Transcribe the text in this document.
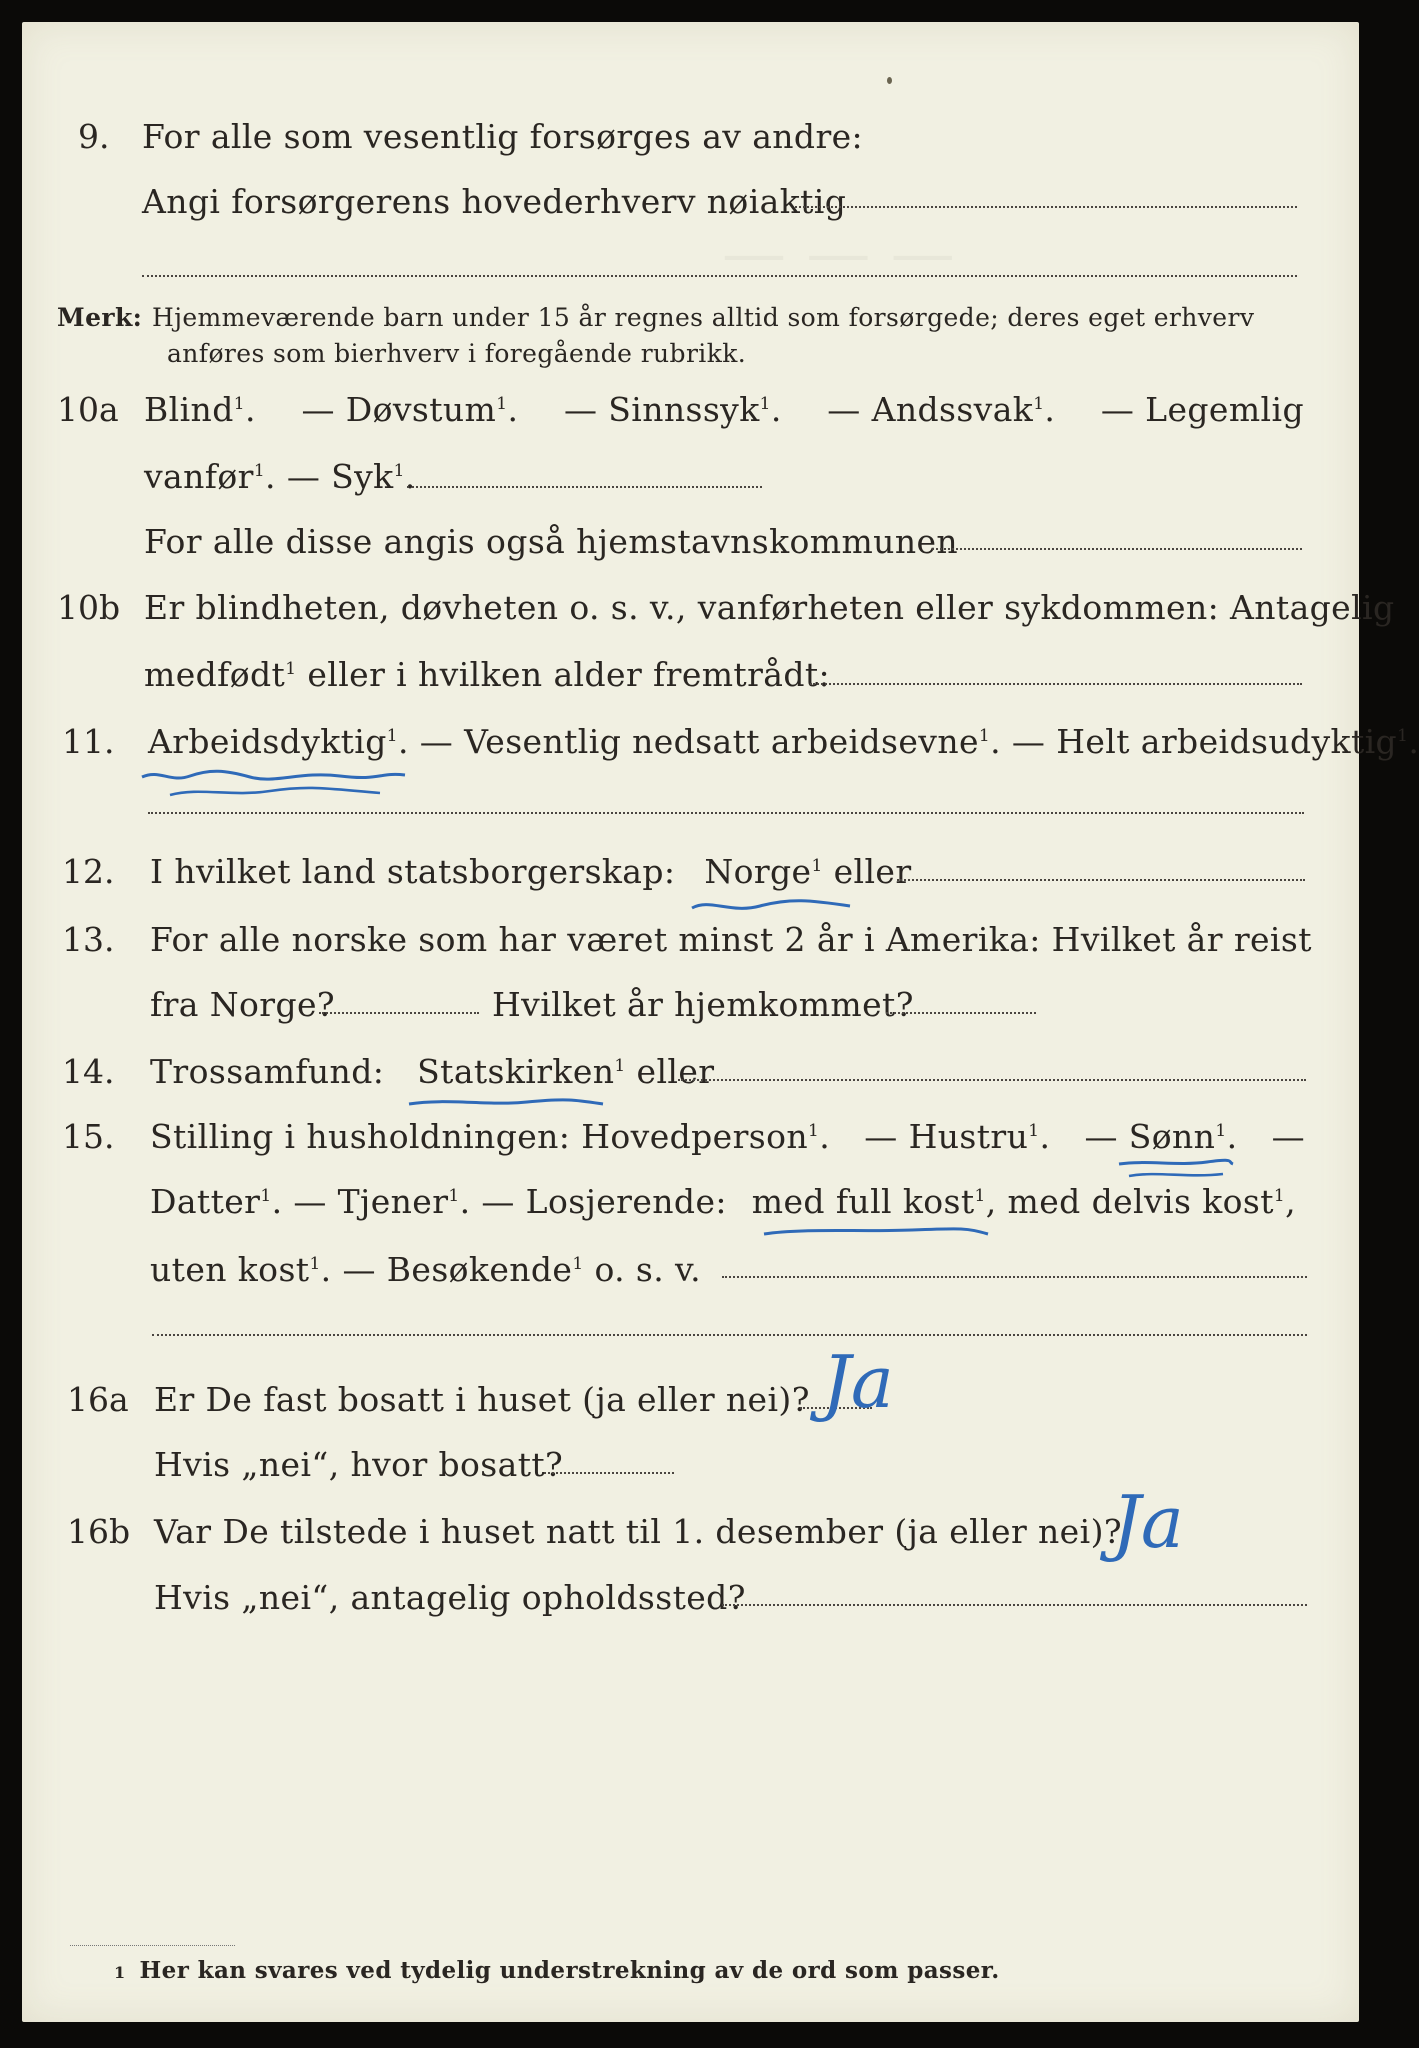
— — —
9. For alle som vesentlig forsørges av andre:
Angi forsørgerens hovederhverv nøiaktig
Merk: Hjemmeværende barn under 15 år regnes alltid som forsørgede; deres eget erhverv
anføres som bierhverv i foregående rubrikk.
10a Blind$^1$. — Døvstum$^1$. — Sinnssyk$^1$. — Andssvak$^1$. — Legemlig
vanfør$^1$. — Syk$^1$.
For alle disse angis også hjemstavnskommunen
10b Er blindheten, døvheten o. s. v., vanførheten eller sykdommen: Antagelig
medfødt$^1$ eller i hvilken alder fremtrådt:
11. Arbeidsdyktig$^1$. — Vesentlig nedsatt arbeidsevne$^1$. — Helt arbeidsudyktig$^1$.
12. I hvilket land statsborgerskap: Norge$^1$ eller
13. For alle norske som har været minst 2 år i Amerika: Hvilket år reist
fra Norge?	Hvilket år hjemkommet?
14. Trossamfund: Statskirken$^1$ eller
15. Stilling i husholdningen: Hovedperson$^1$. — Hustru$^1$. — Sønn$^1$. —
Datter$^1$. — Tjener$^1$. — Losjerende: med full kost$^1$, med delvis kost$^1$,
uten kost$^1$. — Besøkende$^1$ o. s. v.
16a Er De fast bosatt i huset (ja eller nei)? Ja
Hvis „nei“, hvor bosatt?
16b Var De tilstede i huset natt til 1. desember (ja eller nei)?
Ja
Hvis „nei“, antagelig opholdssted?
1 Her kan svares ved tydelig understrekning av de ord som passer.
